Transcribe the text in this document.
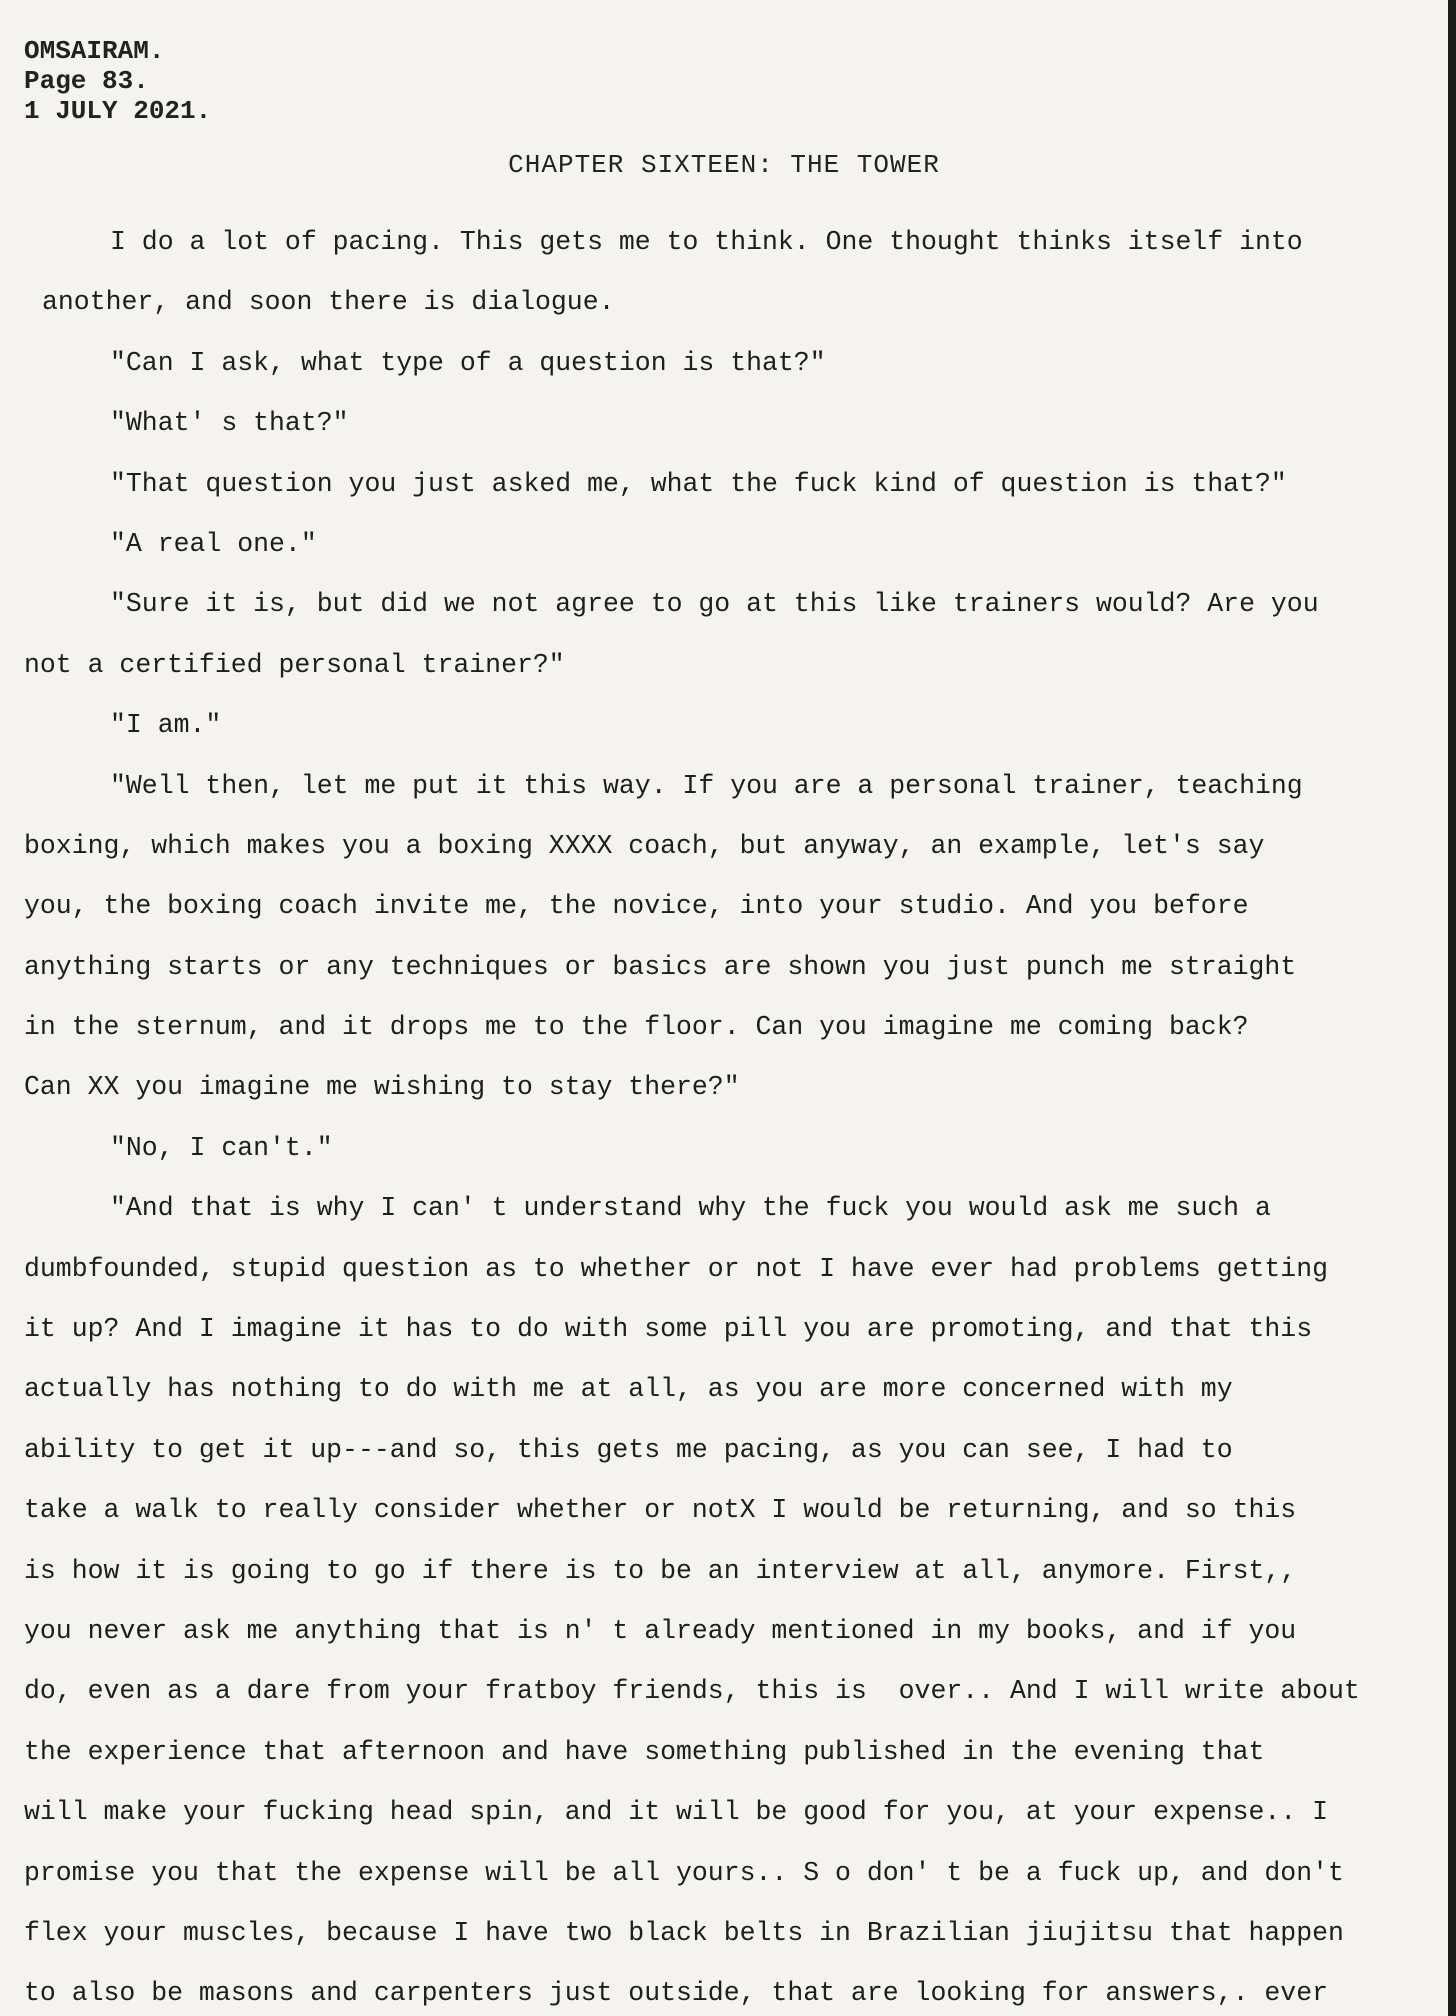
OMSAIRAM.
Page 83.
1 JULY 2021.
CHAPTER SIXTEEN: THE TOWER
I do a lot of pacing. This gets me to think. One thought thinks itself into
another, and soon there is dialogue.
"Can I ask, what type of a question is that?"
"What' s that?"
"That question you just asked me, what the fuck kind of question is that?"
"A real one."
"Sure it is, but did we not agree to go at this like trainers would? Are you
not a certified personal trainer?"
"I am."
"Well then, let me put it this way. If you are a personal trainer, teaching
boxing, which makes you a boxing XXXX coach, but anyway, an example, let's say
you, the boxing coach invite me, the novice, into your studio. And you before
anything starts or any techniques or basics are shown you just punch me straight
in the sternum, and it drops me to the floor. Can you imagine me coming back?
Can XX you imagine me wishing to stay there?"
"No, I can't."
"And that is why I can' t understand why the fuck you would ask me such a
dumbfounded, stupid question as to whether or not I have ever had problems getting
it up? And I imagine it has to do with some pill you are promoting, and that this
actually has nothing to do with me at all, as you are more concerned with my
ability to get it up---and so, this gets me pacing, as you can see, I had to
take a walk to really consider whether or notX I would be returning, and so this
is how it is going to go if there is to be an interview at all, anymore. First,,
you never ask me anything that is n' t already mentioned in my books, and if you
do, even as a dare from your fratboy friends, this is  over.. And I will write about
the experience that afternoon and have something published in the evening that
will make your fucking head spin, and it will be good for you, at your expense.. I
promise you that the expense will be all yours.. S o don' t be a fuck up, and don't
flex your muscles, because I have two black belts in Brazilian jiujitsu that happen
to also be masons and carpenters just outside, that are looking for answers,. ever
